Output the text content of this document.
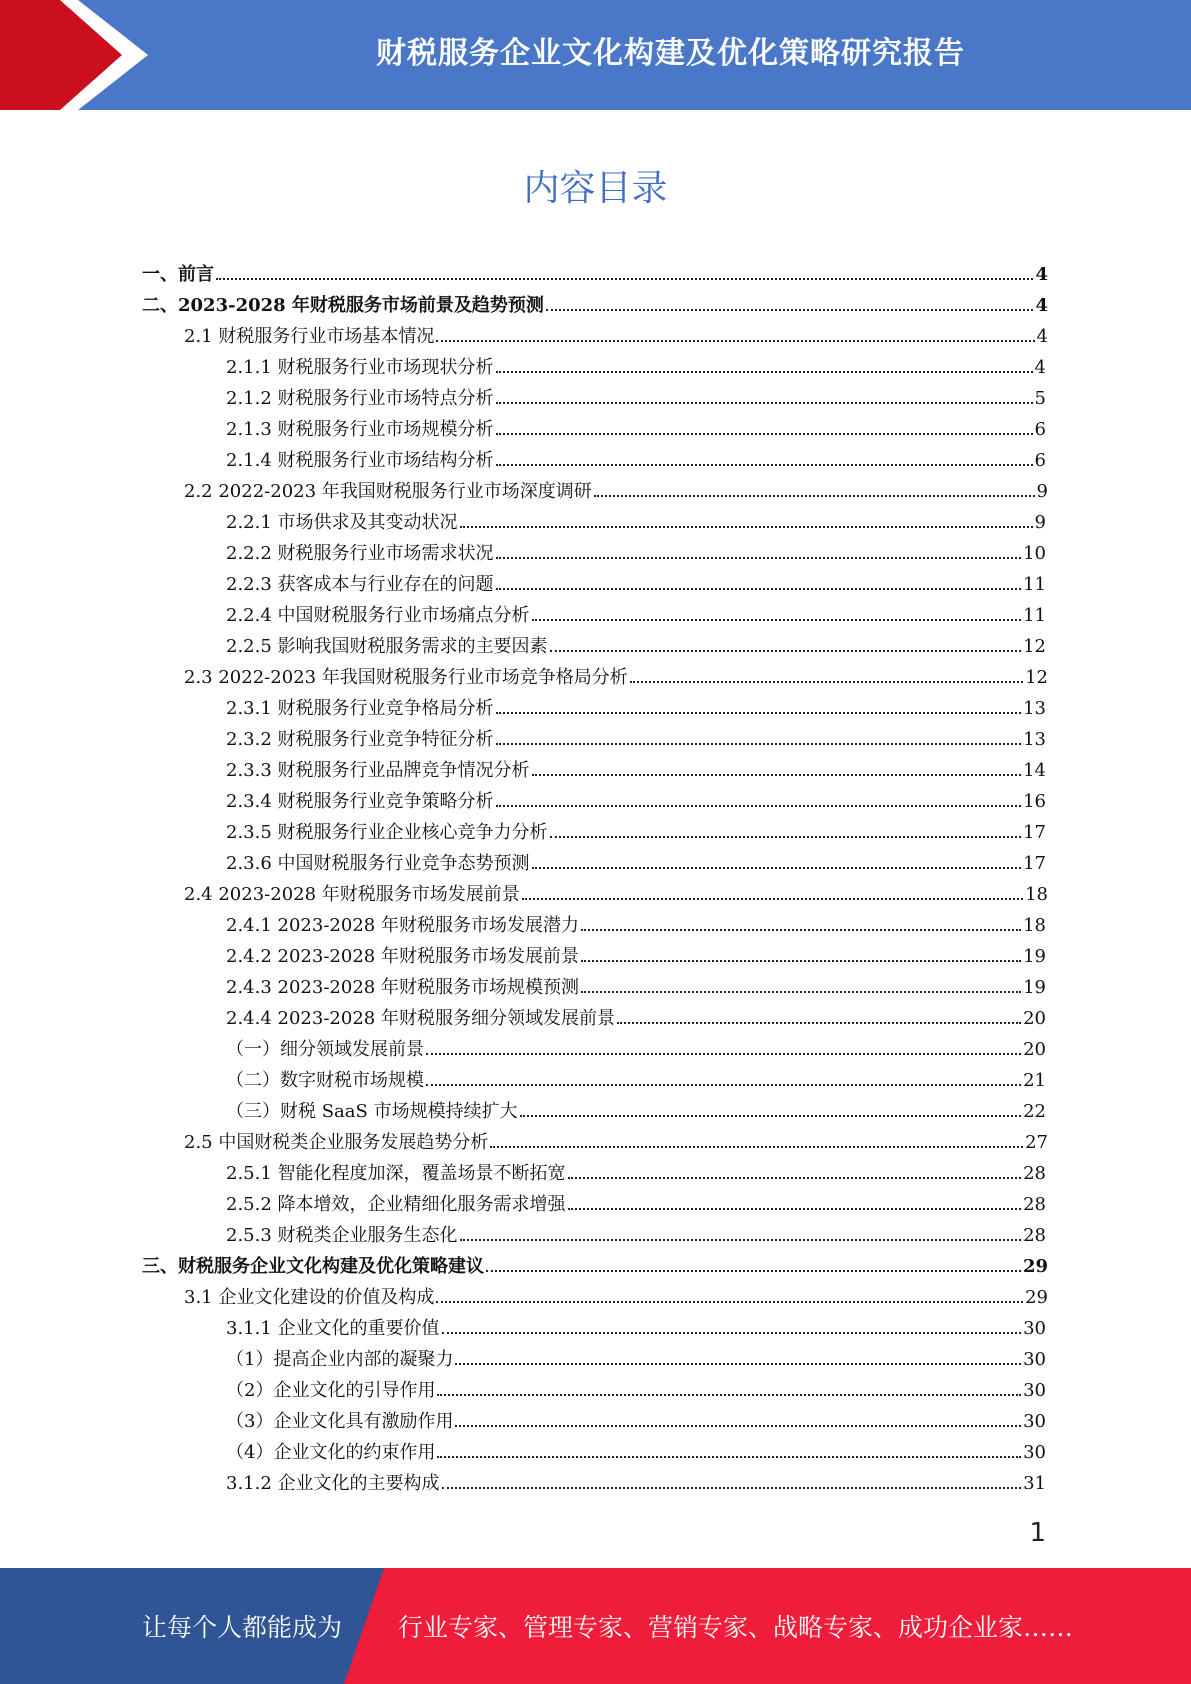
财税服务企业文化构建及优化策略研究报告
内容目录
一、前言	4
二、2023-2028 年财税服务市场前景及趋势预测	4
2.1 财税服务行业市场基本情况	4
2.1.1 财税服务行业市场现状分析	4
2.1.2 财税服务行业市场特点分析	5
2.1.3 财税服务行业市场规模分析	6
2.1.4 财税服务行业市场结构分析	6
2.2 2022-2023 年我国财税服务行业市场深度调研	9
2.2.1 市场供求及其变动状况	9
2.2.2 财税服务行业市场需求状况	10
2.2.3 获客成本与行业存在的问题	11
2.2.4 中国财税服务行业市场痛点分析	11
2.2.5 影响我国财税服务需求的主要因素	12
2.3 2022-2023 年我国财税服务行业市场竞争格局分析	12
2.3.1 财税服务行业竞争格局分析	13
2.3.2 财税服务行业竞争特征分析	13
2.3.3 财税服务行业品牌竞争情况分析	14
2.3.4 财税服务行业竞争策略分析	16
2.3.5 财税服务行业企业核心竞争力分析	17
2.3.6 中国财税服务行业竞争态势预测	17
2.4 2023-2028 年财税服务市场发展前景	18
2.4.1 2023-2028 年财税服务市场发展潜力	18
2.4.2 2023-2028 年财税服务市场发展前景	19
2.4.3 2023-2028 年财税服务市场规模预测	19
2.4.4 2023-2028 年财税服务细分领域发展前景	20
（一）细分领域发展前景	20
（二）数字财税市场规模	21
（三）财税 SaaS 市场规模持续扩大	22
2.5 中国财税类企业服务发展趋势分析	27
2.5.1 智能化程度加深，覆盖场景不断拓宽	28
2.5.2 降本增效，企业精细化服务需求增强	28
2.5.3 财税类企业服务生态化	28
三、财税服务企业文化构建及优化策略建议	29
3.1 企业文化建设的价值及构成	29
3.1.1 企业文化的重要价值	30
（1）提高企业内部的凝聚力	30
（2）企业文化的引导作用	30
（3）企业文化具有激励作用	30
（4）企业文化的约束作用	30
3.1.2 企业文化的主要构成	31
1
让每个人都能成为 行业专家、管理专家、营销专家、战略专家、成功企业家……
